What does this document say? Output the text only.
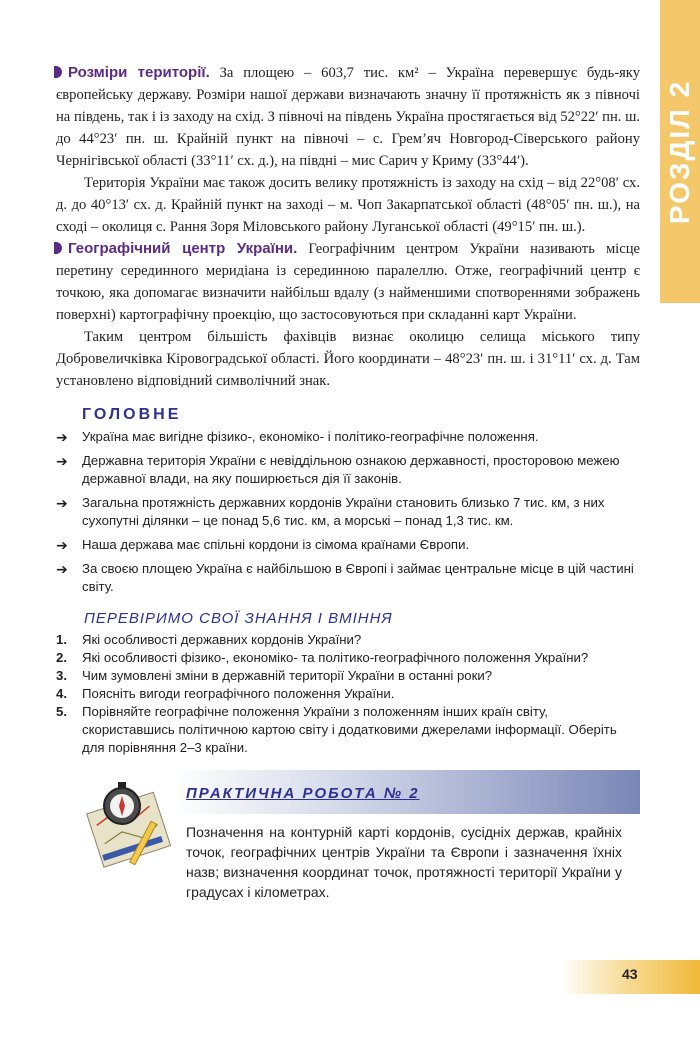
РОЗДІЛ 2

Розміри території. За площею – 603,7 тис. км² – Україна перевершує будь-яку європейську державу. Розміри нашої держави визначають значну її протяжність як з півночі на південь, так і із заходу на схід. З півночі на південь Україна простягається від 52°22′ пн. ш. до 44°23′ пн. ш. Крайній пункт на півночі – с. Грем’яч Новгород-Сіверського району Чернігівської області (33°11′ сх. д.), на півдні – мис Сарич у Криму (33°44′).

Територія України має також досить велику протяжність із заходу на схід – від 22°08′ сх. д. до 40°13′ сх. д. Крайній пункт на заході – м. Чоп Закарпатської області (48°05′ пн. ш.), на сході – околиця с. Рання Зоря Міловського району Луганської області (49°15′ пн. ш.).

Географічний центр України. Географічним центром України називають місце перетину серединного меридіана із серединною паралеллю. Отже, географічний центр є точкою, яка допомагає визначити найбільш вдалу (з найменшими спотвореннями зображень поверхні) картографічну проекцію, що застосовуються при складанні карт України.

Таким центром більшість фахівців визнає околицю селища міського типу Добровеличківка Кіровоградської області. Його координати – 48°23′ пн. ш. і 31°11′ сх. д. Там установлено відповідний символічний знак.

ГОЛОВНЕ
➔ Україна має вигідне фізико-, економіко- і політико-географічне положення.
➔ Державна територія України є невіддільною ознакою державності, просторовою межею державної влади, на яку поширюється дія її законів.
➔ Загальна протяжність державних кордонів України становить близько 7 тис. км, з них сухопутні ділянки – це понад 5,6 тис. км, а морські – понад 1,3 тис. км.
➔ Наша держава має спільні кордони із сімома країнами Європи.
➔ За своєю площею Україна є найбільшою в Європі і займає центральне місце в цій частині світу.
ПЕРЕВІРИМО СВОЇ ЗНАННЯ І ВМІННЯ
1. Які особливості державних кордонів України?
2. Які особливості фізико-, економіко- та політико-географічного положення України?
3. Чим зумовлені зміни в державній території України в останні роки?
4. Поясніть вигоди географічного положення України.
5. Порівняйте географічне положення України з положенням інших країн світу, скориставшись політичною картою світу і додатковими джерелами інформації. Оберіть для порівняння 2–3 країни.
ПРАКТИЧНА РОБОТА № 2

Позначення на контурній карті кордонів, сусідніх держав, крайніх точок, географічних центрів України та Європи і зазначення їхніх назв; визначення координат точок, протяжності території України у градусах і кілометрах.

43
